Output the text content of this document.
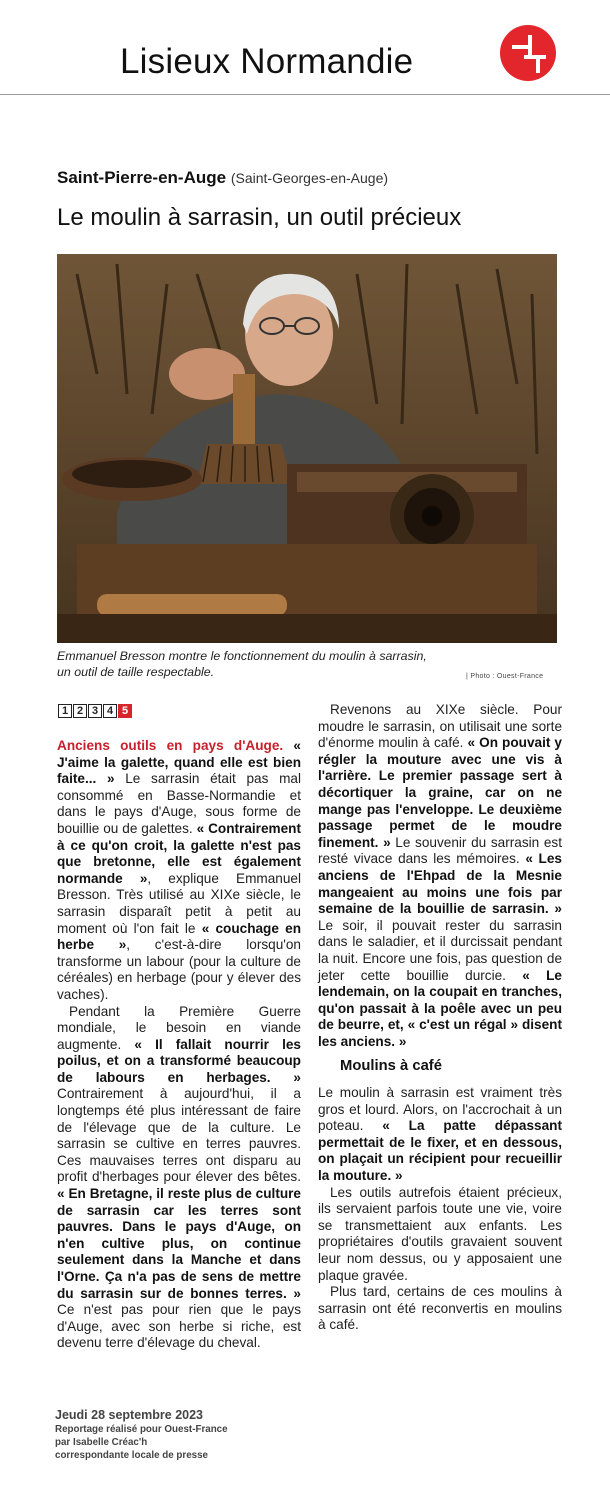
Lisieux Normandie
Saint-Pierre-en-Auge (Saint-Georges-en-Auge)
Le moulin à sarrasin, un outil précieux
Emmanuel Bresson montre le fonctionnement du moulin à sarrasin, un outil de taille respectable.	| Photo : Ouest-France
1 2 3 4 5

Anciens outils en pays d'Auge. « J'aime la galette, quand elle est bien faite... » Le sarrasin était pas mal consommé en Basse-Normandie et dans le pays d'Auge, sous forme de bouillie ou de galettes. « Contrairement à ce qu'on croit, la galette n'est pas que bretonne, elle est également normande », explique Emmanuel Bresson. Très utilisé au XIXe siècle, le sarrasin disparaît petit à petit au moment où l'on fait le « couchage en herbe », c'est-à-dire lorsqu'on transforme un labour (pour la culture de céréales) en herbage (pour y élever des vaches).

Pendant la Première Guerre mondiale, le besoin en viande augmente. « Il fallait nourrir les poilus, et on a transformé beaucoup de labours en herbages. » Contrairement à aujourd'hui, il a longtemps été plus intéressant de faire de l'élevage que de la culture. Le sarrasin se cultive en terres pauvres. Ces mauvaises terres ont disparu au profit d'herbages pour élever des bêtes. « En Bretagne, il reste plus de culture de sarrasin car les terres sont pauvres. Dans le pays d'Auge, on n'en cultive plus, on continue seulement dans la Manche et dans l'Orne. Ça n'a pas de sens de mettre du sarrasin sur de bonnes terres. » Ce n'est pas pour rien que le pays d'Auge, avec son herbe si riche, est devenu terre d'élevage du cheval.

Revenons au XIXe siècle. Pour moudre le sarrasin, on utilisait une sorte d'énorme moulin à café. « On pouvait y régler la mouture avec une vis à l'arrière. Le premier passage sert à décortiquer la graine, car on ne mange pas l'enveloppe. Le deuxième passage permet de le moudre finement. » Le souvenir du sarrasin est resté vivace dans les mémoires. « Les anciens de l'Ehpad de la Mesnie mangeaient au moins une fois par semaine de la bouillie de sarrasin. » Le soir, il pouvait rester du sarrasin dans le saladier, et il durcissait pendant la nuit. Encore une fois, pas question de jeter cette bouillie durcie. « Le lendemain, on la coupait en tranches, qu'on passait à la poêle avec un peu de beurre, et, « c'est un régal » disent les anciens. »

Moulins à café

Le moulin à sarrasin est vraiment très gros et lourd. Alors, on l'accrochait à un poteau. « La patte dépassant permettait de le fixer, et en dessous, on plaçait un récipient pour recueillir la mouture. »

Les outils autrefois étaient précieux, ils servaient parfois toute une vie, voire se transmettaient aux enfants. Les propriétaires d'outils gravaient souvent leur nom dessus, ou y apposaient une plaque gravée.

Plus tard, certains de ces moulins à sarrasin ont été reconvertis en moulins à café.

Jeudi 28 septembre 2023
Reportage réalisé pour Ouest-France
par Isabelle Créac'h
correspondante locale de presse
